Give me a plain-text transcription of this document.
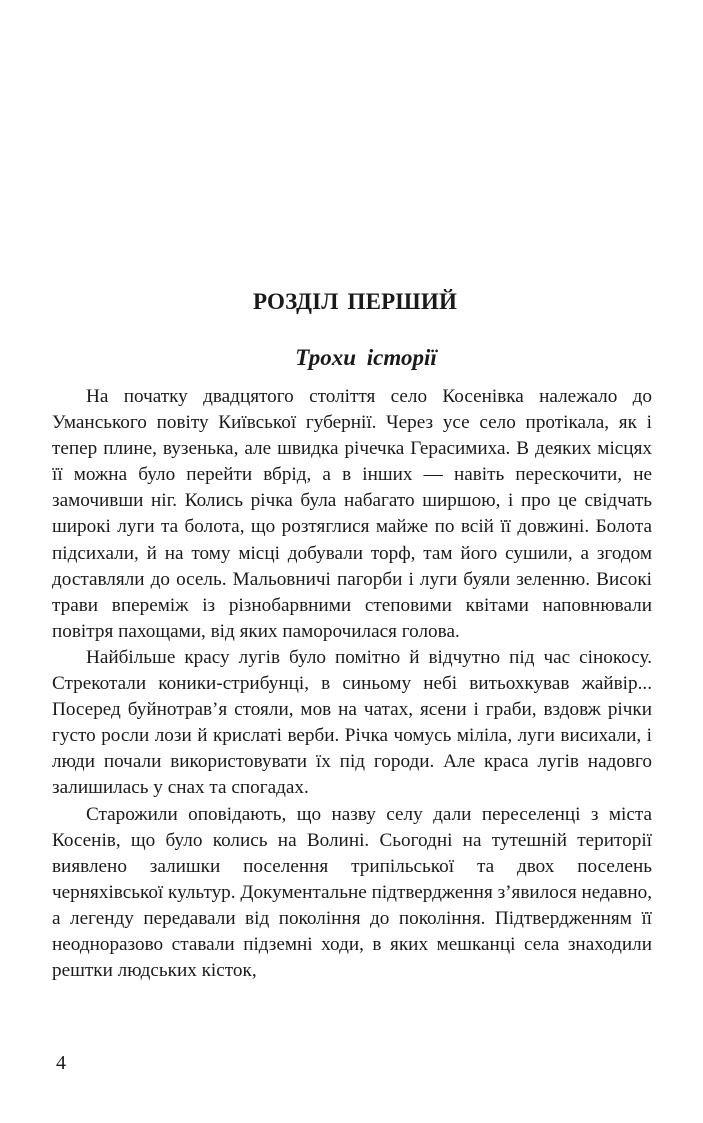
РОЗДІЛ ПЕРШИЙ
Троxи історії

На початку двадцятого століття село Косенівка належало до Уманського повіту Київської губернії. Через усе село протікала, як і тепер плине, вузенька, але швидка річечка Герасимиха. В деяких місцях її можна було перейти вбрід, а в інших — навіть перескочити, не замочивши ніг. Колись річка була набагато ширшою, і про це свідчать широкі луги та болота, що розтяглися майже по всій її довжині. Болота підсихали, й на тому місці добували торф, там його сушили, а згодом доставляли до осель. Мальовничі пагорби і луги буяли зеленню. Високі трави впереміж із різнобарвними степовими квітами наповнювали повітря пахощами, від яких паморочилася голова.

Найбільше красу лугів було помітно й відчутно під час сінокосу. Стрекотали коники-стрибунці, в синьому небі витьохкував жайвір... Посеред буйнотрав’я стояли, мов на чатах, ясени і граби, вздовж річки густо росли лози й крислаті верби. Річка чомусь міліла, луги висихали, і люди почали використовувати їх під городи. Але краса лугів надовго залишилась у снах та спогадах.

Старожили оповідають, що назву селу дали переселенці з міста Косенів, що було колись на Волині. Сьогодні на тутешній території виявлено залишки поселення трипільської та двох поселень черняхівської культур. Документальне підтвердження з’явилося недавно, а легенду передавали від покоління до покоління. Підтвердженням її неодноразово ставали підземні ходи, в яких мешканці села знаходили рештки людських кісток,

4
